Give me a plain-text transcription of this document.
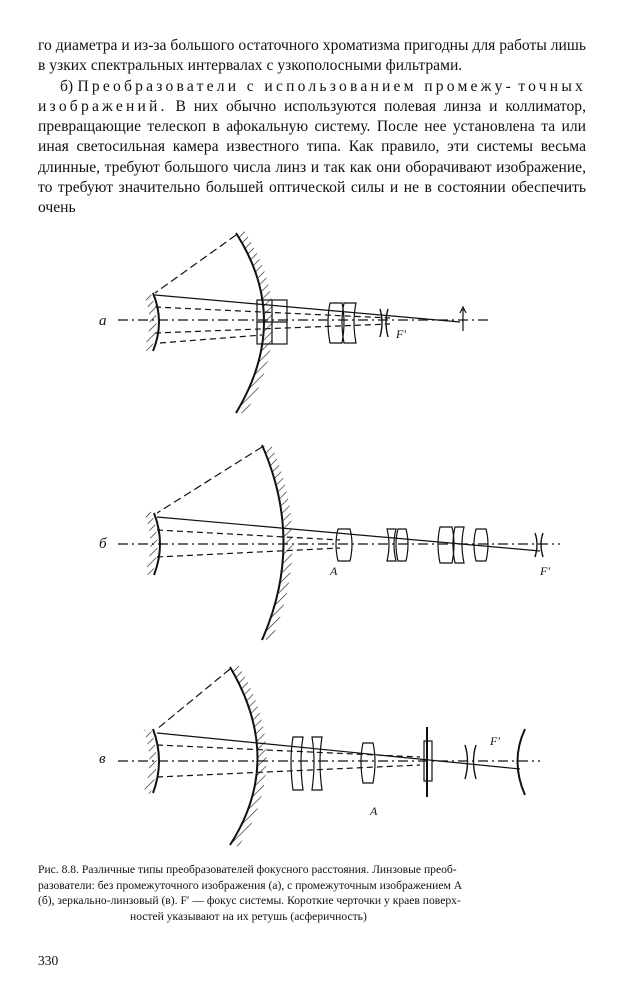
го диаметра и из-за большого остаточного хроматизма пригодны для работы лишь в узких спектральных интервалах с узкополосными фильтрами.

б) Преобразователи с использованием промежу- точных изображений. В них обычно используются полевая линза и коллиматор, превращающие телескоп в афокальную систему. После нее установлена та или иная светосильная камера известного типа. Как правило, эти системы весьма длинные, требуют большого числа линз и так как они оборачивают изображение, то требуют значительно большей оптической силы и не в состоянии обеспечить очень

а
F′
б
A	F′
в
A
F′

Рис. 8.8. Различные типы преобразователей фокусного расстояния. Линзовые преоб-

разователи: без промежуточного изображения (а), с промежуточным изображением A

(б), зеркально-линзовый (в). F′ — фокус системы. Короткие черточки у краев поверх-

ностей указывают на их ретушь (асферичность)

330
